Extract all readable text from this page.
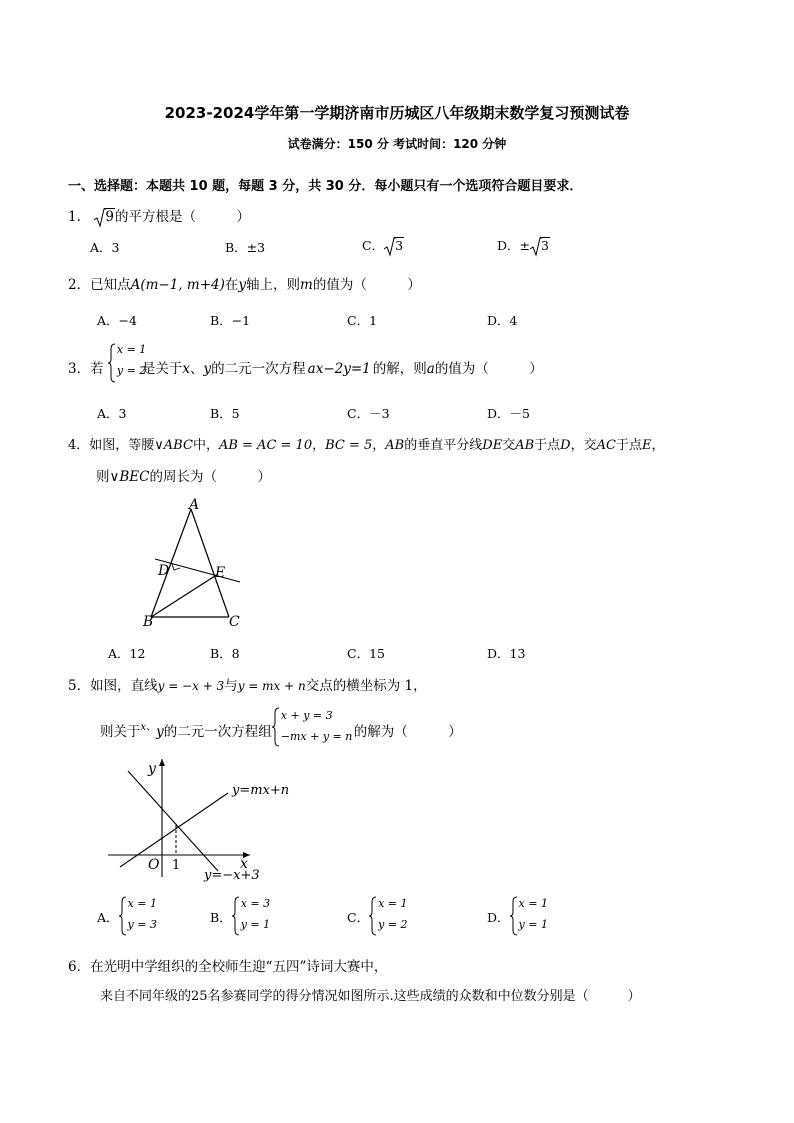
2023-2024学年第一学期济南市历城区八年级期末数学复习预测试卷
试卷满分：150 分 考试时间：120 分钟
一、选择题：本题共 10 题，每题 3 分，共 30 分．每小题只有一个选项符合题目要求．
1． 9的平方根是（　　　）
A．3	B．±3	C． 3	D．± 3
2．已知点A(m−1, m+4)在y轴上，则m的值为（　　　）
A．−4	B．−1	C．1	D．4
3．若
x = 1
y = 2
是关于x、y的二元一次方程 ax−2y=1 的解，则a的值为（　　　）
A．3	B．5	C．－3	D．－5
4．如图，等腰∨ABC中，AB = AC = 10，BC = 5，AB的垂直平分线DE交AB于点D，交AC于点E，
则∨BEC的周长为（　　　）
A
D	E
B	C
A．12	B．8	C．15	D．13
5．如图，直线y = −x + 3与y = mx + n交点的横坐标为 1，
则关于$^{x、}$y的二元一次方程组
x + y = 3
−mx + y = n 的解为（　　　）
y
x
O 1
y=mx+n
y=−x+3
A．
x = 1
y = 3	B．
x = 3
y = 1	C．
x = 1
y = 2	D．
x = 1
y = 1
6．在光明中学组织的全校师生迎“五四”诗词大赛中，
来自不同年级的25名参赛同学的得分情况如图所示.这些成绩的众数和中位数分别是（　　　）
